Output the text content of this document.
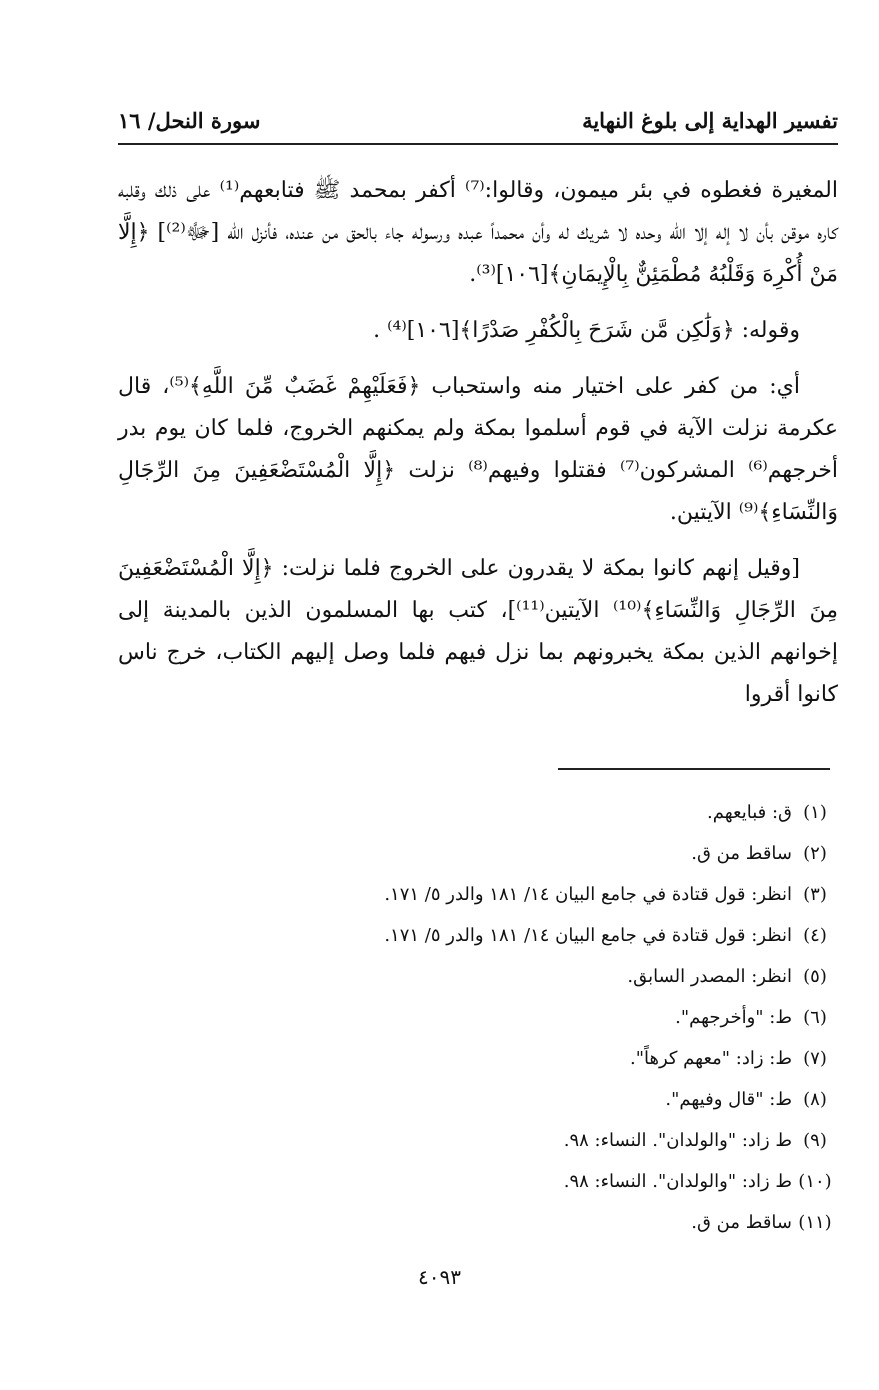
تفسير الهداية إلى بلوغ النهاية
سورة النحل/ ١٦

المغيرة فغطوه في بئر ميمون، وقالوا:⁽⁷⁾ أكفر بمحمد ﷺ فتابعهم⁽¹⁾ على ذلك وقلبه كاره موقن بأن لا إله إلا الله وحده لا شريك له وأن محمداً عبده ورسوله جاء بالحق من عنده، فأنزل الله [ﷻ⁽²⁾] ﴿إِلَّا مَنْ أُكْرِهَ وَقَلْبُهُ مُطْمَئِنٌّ بِالْإِيمَانِ﴾[١٠٦]⁽³⁾.

وقوله: ﴿وَلَٰكِن مَّن شَرَحَ بِالْكُفْرِ صَدْرًا﴾[١٠٦]⁽⁴⁾ .

أي: من كفر على اختيار منه واستحباب ﴿فَعَلَيْهِمْ غَضَبٌ مِّنَ اللَّهِ﴾⁽⁵⁾، قال عكرمة نزلت الآية في قوم أسلموا بمكة ولم يمكنهم الخروج، فلما كان يوم بدر أخرجهم⁽⁶⁾ المشركون⁽⁷⁾ فقتلوا وفيهم⁽⁸⁾ نزلت ﴿إِلَّا الْمُسْتَضْعَفِينَ مِنَ الرِّجَالِ وَالنِّسَاءِ﴾⁽⁹⁾ الآيتين.

[وقيل إنهم كانوا بمكة لا يقدرون على الخروج فلما نزلت: ﴿إِلَّا الْمُسْتَضْعَفِينَ مِنَ الرِّجَالِ وَالنِّسَاءِ﴾⁽¹⁰⁾ الآيتين⁽¹¹⁾]، كتب بها المسلمون الذين بالمدينة إلى إخوانهم الذين بمكة يخبرونهم بما نزل فيهم فلما وصل إليهم الكتاب، خرج ناس كانوا أقروا

(١)ق: فبايعهم.
(٢)ساقط من ق.
(٣)انظر: قول قتادة في جامع البيان ١٤/ ١٨١ والدر ٥/ ١٧١.
(٤)انظر: قول قتادة في جامع البيان ١٤/ ١٨١ والدر ٥/ ١٧١.
(٥)انظر: المصدر السابق.
(٦)ط: "وأخرجهم".
(٧)ط: زاد: "معهم كرهاً".
(٨)ط: "قال وفيهم".
(٩)ط زاد: "والولدان". النساء: ٩٨.
(١٠)ط زاد: "والولدان". النساء: ٩٨.
(١١)ساقط من ق.
٤٠٩٣
